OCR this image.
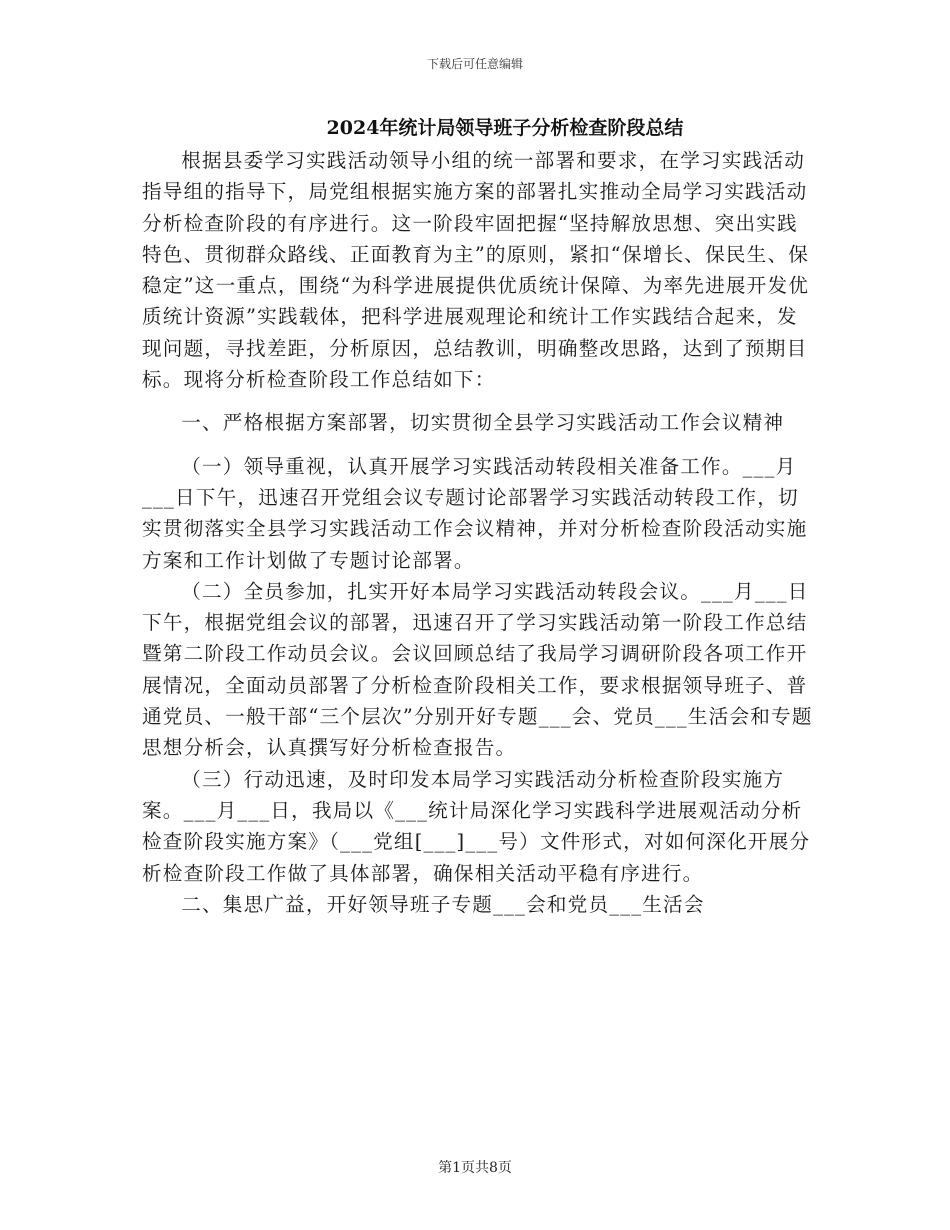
下载后可任意编辑
2024年统计局领导班子分析检查阶段总结

根据县委学习实践活动领导小组的统一部署和要求，在学习实践活动指导组的指导下，局党组根据实施方案的部署扎实推动全局学习实践活动分析检查阶段的有序进行。这一阶段牢固把握“坚持解放思想、突出实践特色、贯彻群众路线、正面教育为主”的原则，紧扣“保增长、保民生、保稳定”这一重点，围绕“为科学进展提供优质统计保障、为率先进展开发优质统计资源”实践载体，把科学进展观理论和统计工作实践结合起来，发现问题，寻找差距，分析原因，总结教训，明确整改思路，达到了预期目标。现将分析检查阶段工作总结如下：

一、严格根据方案部署，切实贯彻全县学习实践活动工作会议精神

（一）领导重视，认真开展学习实践活动转段相关准备工作。___月___日下午，迅速召开党组会议专题讨论部署学习实践活动转段工作，切实贯彻落实全县学习实践活动工作会议精神，并对分析检查阶段活动实施方案和工作计划做了专题讨论部署。

（二）全员参加，扎实开好本局学习实践活动转段会议。___月___日下午，根据党组会议的部署，迅速召开了学习实践活动第一阶段工作总结暨第二阶段工作动员会议。会议回顾总结了我局学习调研阶段各项工作开展情况，全面动员部署了分析检查阶段相关工作，要求根据领导班子、普通党员、一般干部“三个层次”分别开好专题___会、党员___生活会和专题思想分析会，认真撰写好分析检查报告。

（三）行动迅速，及时印发本局学习实践活动分析检查阶段实施方案。___月___日，我局以《___统计局深化学习实践科学进展观活动分析检查阶段实施方案》（___党组[___]___号）文件形式，对如何深化开展分析检查阶段工作做了具体部署，确保相关活动平稳有序进行。

二、集思广益，开好领导班子专题___会和党员___生活会

第1页共8页
